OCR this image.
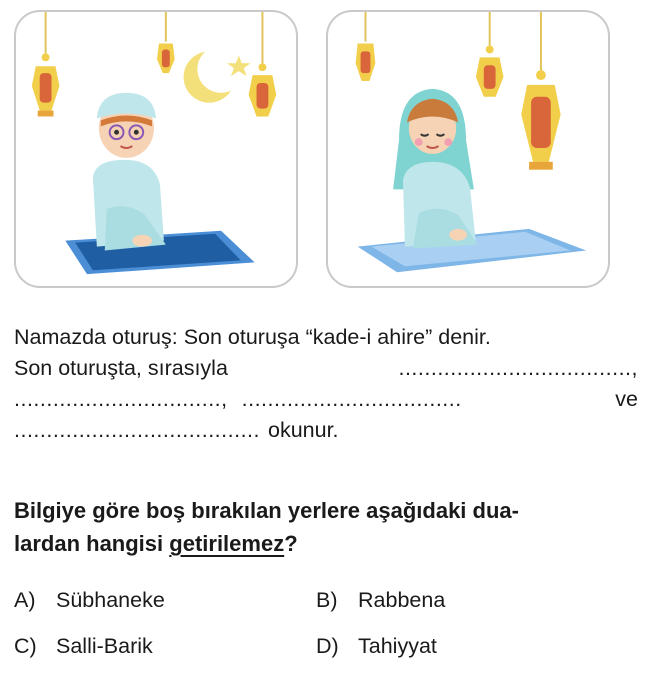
Namazda oturuş: Son oturuşa “kade-i ahire” denir.
Son oturuşta, sırasıyla	....................................,
................................, ..................................	ve
...................................... okunur.
Bilgiye göre boş bırakılan yerlere aşağıdaki dua-
lardan hangisi getirilemez?
A) Sübhaneke	B) Rabbena
C) Salli-Barik	D) Tahiyyat
